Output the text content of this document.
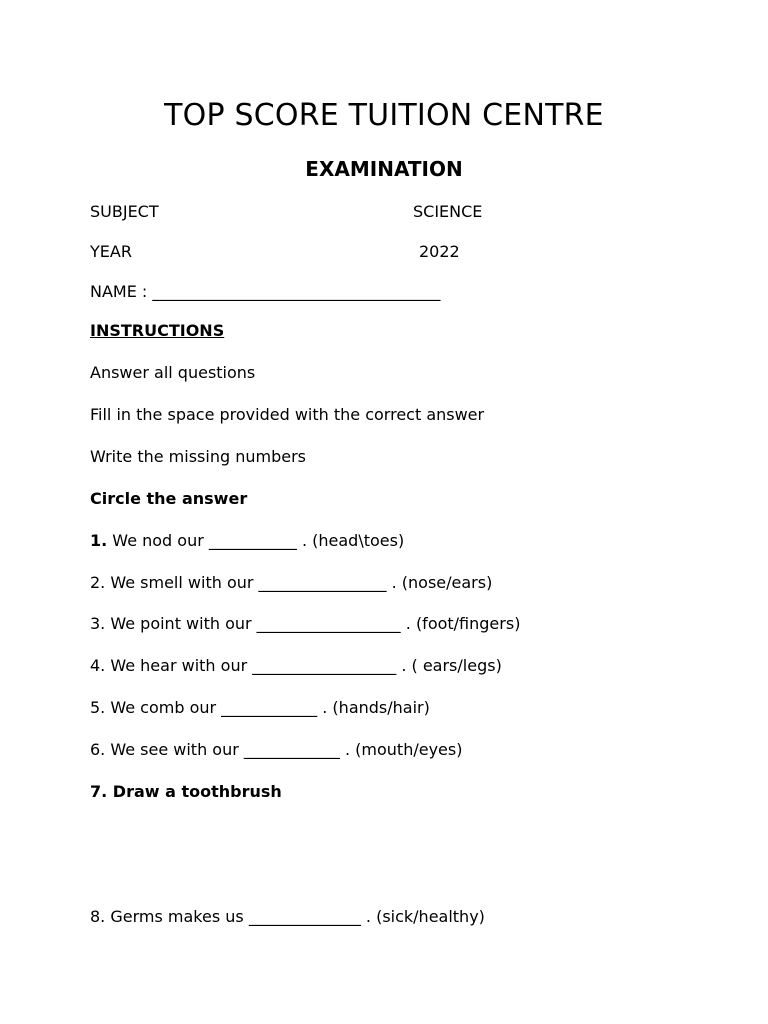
TOP SCORE TUITION CENTRE
EXAMINATION
SUBJECT	SCIENCE
YEAR	2022
NAME : ____________________________________
INSTRUCTIONS
Answer all questions
Fill in the space provided with the correct answer
Write the missing numbers
Circle the answer
1. We nod our ___________ . (head\toes)
2. We smell with our ________________ . (nose/ears)
3. We point with our __________________ . (foot/fingers)
4. We hear with our __________________ . ( ears/legs)
5. We comb our ____________ . (hands/hair)
6. We see with our ____________ . (mouth/eyes)
7. Draw a toothbrush
8. Germs makes us ______________ . (sick/healthy)
